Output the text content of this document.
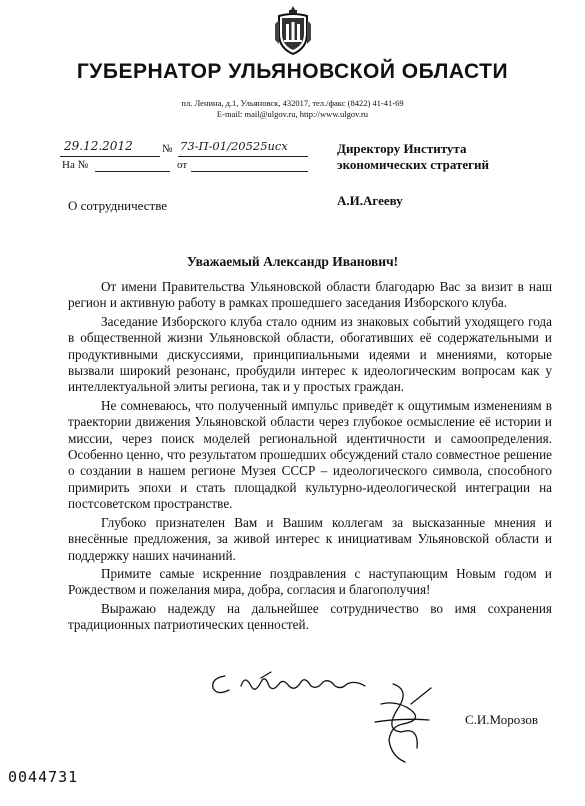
ГУБЕРНАТОР УЛЬЯНОВСКОЙ ОБЛАСТИ
пл. Ленина, д.1, Ульяновск, 432017, тел./факс (8422) 41-41-69
E-mail: mail@ulgov.ru, http://www.ulgov.ru
29.12.2012	№ 73-П-01/20525исх
На №	от
Директору Института
экономических стратегий
А.И.Агееву
О сотрудничестве
Уважаемый Александр Иванович!

От имени Правительства Ульяновской области благодарю Вас за визит в наш регион и активную работу в рамках прошедшего заседания Изборского клуба.

Заседание Изборского клуба стало одним из знаковых событий уходящего года в общественной жизни Ульяновской области, обогативших её содержательными и продуктивными дискуссиями, принципиальными идеями и мнениями, которые вызвали широкий резонанс, пробудили интерес к идеологическим вопросам как у интеллектуальной элиты региона, так и у простых граждан.

Не сомневаюсь, что полученный импульс приведёт к ощутимым изменениям в траектории движения Ульяновской области через глубокое осмысление её истории и миссии, через поиск моделей региональной идентичности и самоопределения. Особенно ценно, что результатом прошедших обсуждений стало совместное решение о создании в нашем регионе Музея СССР – идеологического символа, способного примирить эпохи и стать площадкой культурно-идеологической интеграции на постсоветском пространстве.

Глубоко признателен Вам и Вашим коллегам за высказанные мнения и внесённые предложения, за живой интерес к инициативам Ульяновской области и поддержку наших начинаний.

Примите самые искренние поздравления с наступающим Новым годом и Рождеством и пожелания мира, добра, согласия и благополучия!

Выражаю надежду на дальнейшее сотрудничество во имя сохранения традиционных патриотических ценностей.

С.И.Морозов
0044731
